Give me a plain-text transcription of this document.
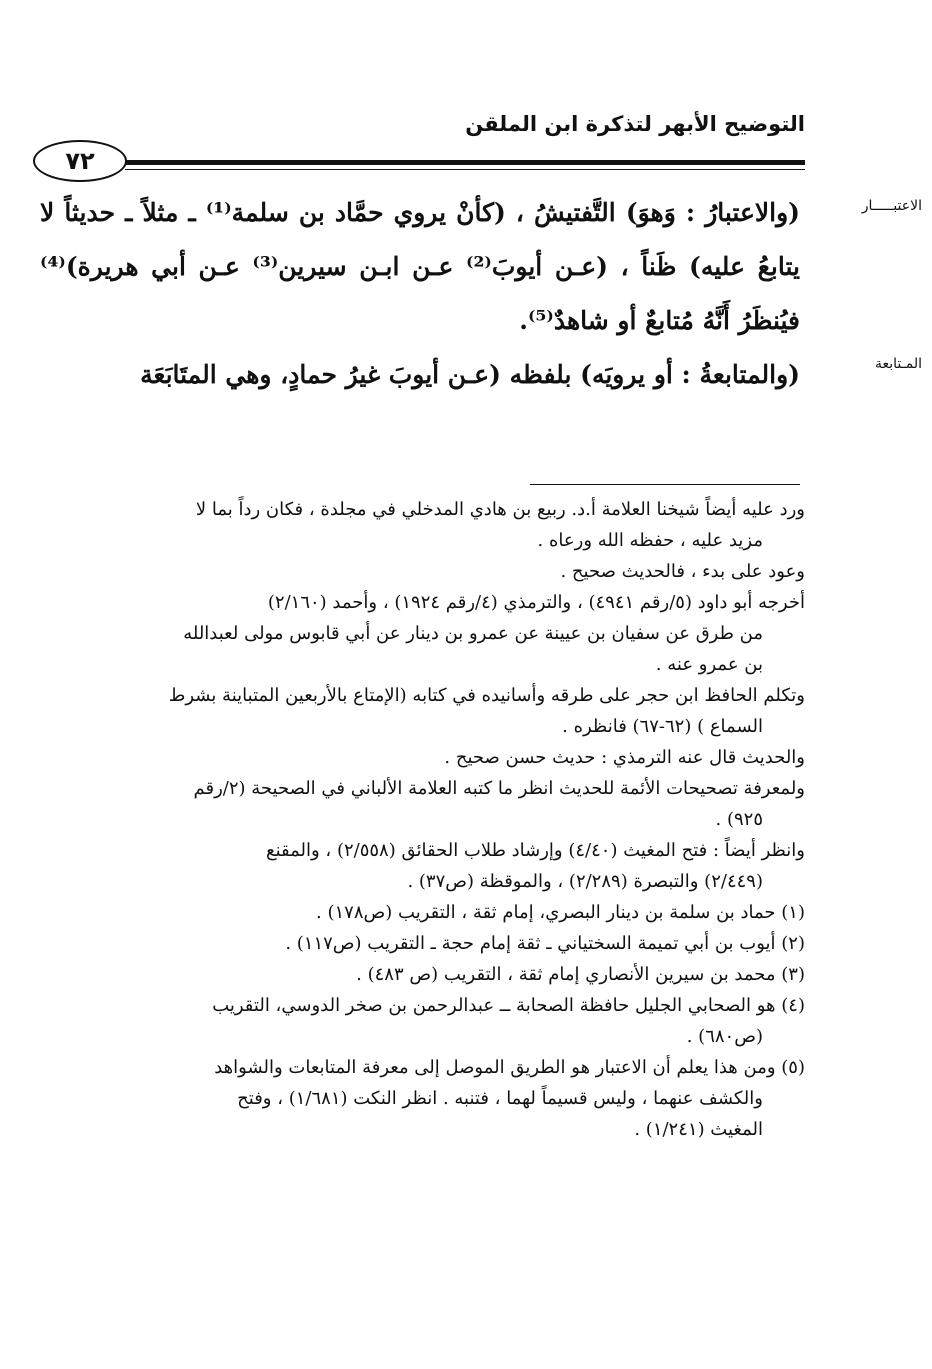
التوضيح الأبهر لتذكرة ابن الملقن
٧٢
الاعتبـــــار
المـتابعة

(والاعتبارُ : وَهوَ) التَّفتيشُ ، (كأنْ يروي حمَّاد بن سلمة⁽¹⁾ ـ مثلاً ـ حديثاً لا يتابعُ عليه) ظَناً ، (عـن أيوبَ⁽²⁾ عـن ابـن سيرين⁽³⁾ عـن أبي هريرة)⁽⁴⁾ فيُنظَرُ أَنَّهُ مُتابعٌ أو شاهدٌ⁽⁵⁾.

(والمتابعةُ : أو يرويَه) بلفظه (عـن أيوبَ غيرُ حمادٍ، وهي المتَابَعَة

ورد عليه أيضاً شيخنا العلامة أ.د. ربيع بن هادي المدخلي في مجلدة ، فكان رداً بما لا

مزيد عليه ، حفظه الله ورعاه .

وعود على بدء ، فالحديث صحيح .

أخرجه أبو داود (٥/رقم ٤٩٤١) ، والترمذي (٤/رقم ١٩٢٤) ، وأحمد (٢/١٦٠)

من طرق عن سفيان بن عيينة عن عمرو بن دينار عن أبي قابوس مولى لعبدالله

بن عمرو عنه .

وتكلم الحافظ ابن حجر على طرقه وأسانيده في كتابه (الإمتاع بالأربعين المتباينة بشرط

السماع ) (٦٢-٦٧) فانظره .

والحديث قال عنه الترمذي : حديث حسن صحيح .

ولمعرفة تصحيحات الأئمة للحديث انظر ما كتبه العلامة الألباني في الصحيحة (٢/رقم

٩٢٥) .

وانظر أيضاً : فتح المغيث (٤/٤٠) وإرشاد طلاب الحقائق (٢/٥٥٨) ، والمقنع

(٢/٤٤٩) والتبصرة (٢/٢٨٩) ، والموقظة (ص٣٧) .

(١) حماد بن سلمة بن دينار البصري، إمام ثقة ، التقريب (ص١٧٨) .

(٢) أيوب بن أبي تميمة السختياني ـ ثقة إمام حجة ـ التقريب (ص١١٧) .

(٣) محمد بن سيرين الأنصاري إمام ثقة ، التقريب (ص ٤٨٣) .

(٤) هو الصحابي الجليل حافظة الصحابة ــ عبدالرحمن بن صخر الدوسي، التقريب

(ص٦٨٠) .

(٥) ومن هذا يعلم أن الاعتبار هو الطريق الموصل إلى معرفة المتابعات والشواهد

والكشف عنهما ، وليس قسيماً لهما ، فتنبه . انظر النكت (١/٦٨١) ، وفتح

المغيث (١/٢٤١) .
